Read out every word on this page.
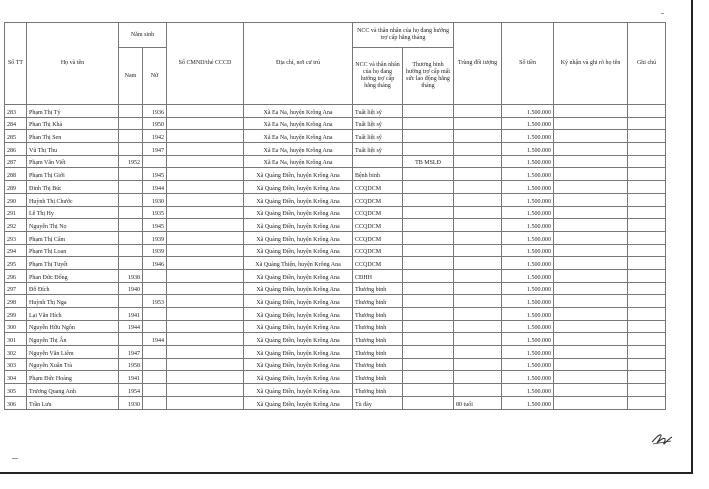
Số TT	Họ và tên	Năm sinh		Số CMND/thẻ CCCD	Địa chỉ, nơi cư trú	NCC và thân nhân của họ đang hưởng trợ cấp hằng tháng		Trùng đối tượng	Số tiền	Ký nhận và ghi rõ họ tên	Ghi chú
		Nam	Nữ			NCC và thân nhân của họ đang hưởng trợ cấp hằng tháng	Thương binh hưởng trợ cấp mất sức lao động hằng tháng				
283	Phạm Thị Tý		1936		Xã Ea Na, huyện Krông Ana	Tuất liệt sỹ			1.500.000		
284	Phan Thị Khá		1950		Xã Ea Na, huyện Krông Ana	Tuất liệt sỹ			1.500.000		
285	Phan Thị Sen		1942		Xã Ea Na, huyện Krông Ana	Tuất liệt sỹ			1.500.000		
286	Vũ Thị Thu		1947		Xã Ea Na, huyện Krông Ana	Tuất liệt sỹ			1.500.000		
287	Phạm Văn Viết	1952			Xã Ea Na, huyện Krông Ana		TB MSLĐ		1.500.000		
288	Phạm Thị Giới		1945		Xã Quảng Điền, huyện Krông Ana	Bệnh binh			1.500.000		
289	Đinh Thị Bút		1944		Xã Quảng Điền, huyện Krông Ana	CCQDCM			1.500.000		
290	Huỳnh Thị Chước		1930		Xã Quảng Điền, huyện Krông Ana	CCQDCM			1.500.000		
291	Lê Thị Hy		1935		Xã Quảng Điền, huyện Krông Ana	CCQDCM			1.500.000		
292	Nguyễn Thị Nọ		1945		Xã Quảng Điền, huyện Krông Ana	CCQDCM			1.500.000		
293	Phạm Thị Cẩm		1939		Xã Quảng Điền, huyện Krông Ana	CCQDCM			1.500.000		
294	Phạm Thị Loan		1939		Xã Quảng Điền, huyện Krông Ana	CCQDCM			1.500.000		
295	Phạm Thị Tuyết		1946		Xã Quảng Thiện, huyện Krông Ana	CCQDCM			1.500.000		
296	Phan Đức Đống	1938			Xã Quảng Điền, huyện Krông Ana	CĐHH			1.500.000		
297	Đỗ Đích	1940			Xã Quảng Điền, huyện Krông Ana	Thương binh			1.500.000		
298	Huỳnh Thị Nga		1953		Xã Quảng Điền, huyện Krông Ana	Thương binh			1.500.000		
299	Lại Văn Hích	1941			Xã Quảng Điền, huyện Krông Ana	Thương binh			1.500.000		
300	Nguyễn Hữu Ngôn	1944			Xã Quảng Điền, huyện Krông Ana	Thương binh			1.500.000		
301	Nguyễn Thị Ân		1944		Xã Quảng Điền, huyện Krông Ana	Thương binh			1.500.000		
302	Nguyễn Văn Liêm	1947			Xã Quảng Điền, huyện Krông Ana	Thương binh			1.500.000		
303	Nguyễn Xuân Trà	1958			Xã Quảng Điền, huyện Krông Ana	Thương binh			1.500.000		
304	Phạm Đức Hoàng	1941			Xã Quảng Điền, huyện Krông Ana	Thương binh			1.500.000		
305	Trương Quang Anh	1954			Xã Quảng Điền, huyện Krông Ana	Thương binh			1.500.000		
306	Trần Lưu	1930			Xã Quảng Điền, huyện Krông Ana	Tù đày		80 tuổi	1.500.000		
